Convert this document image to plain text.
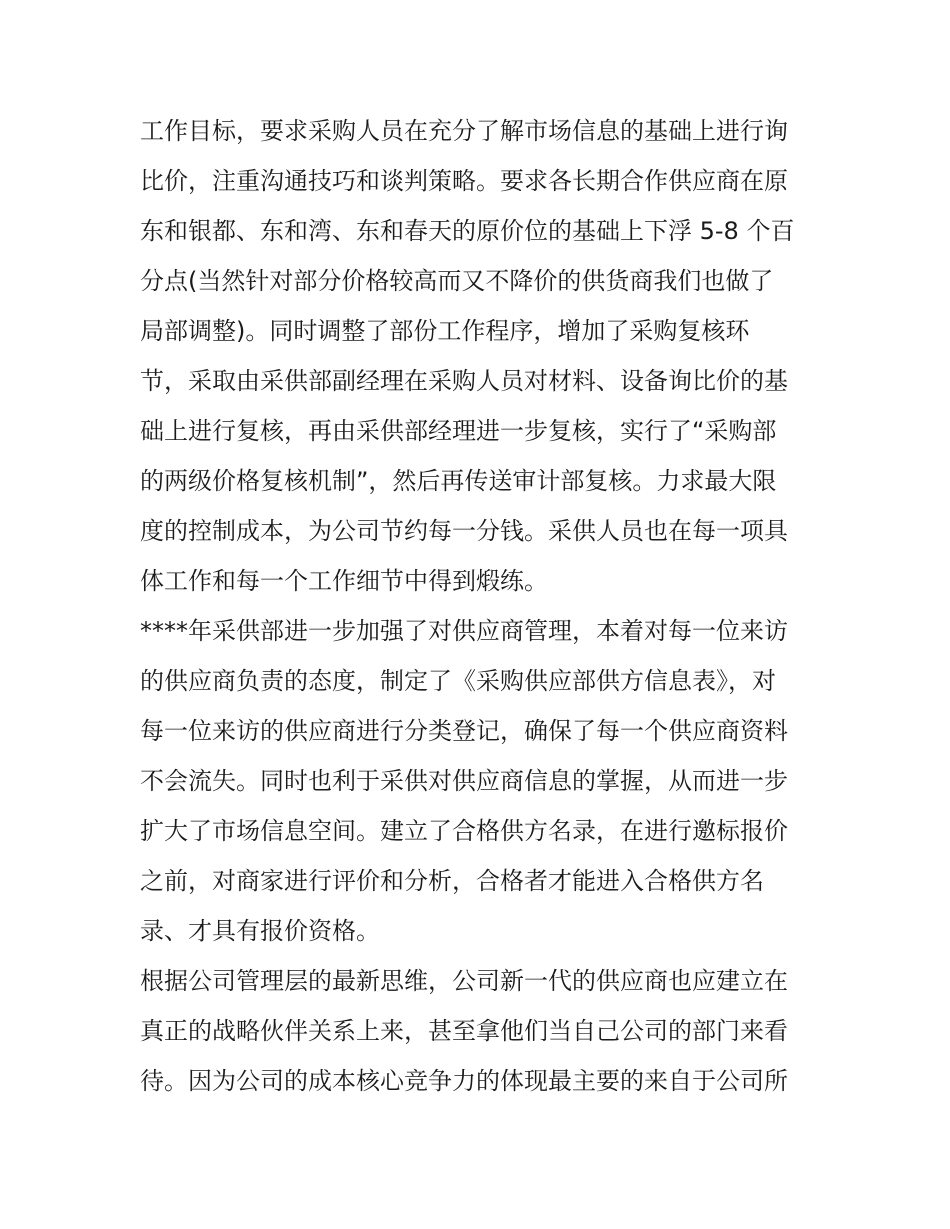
工作目标，要求采购人员在充分了解市场信息的基础上进行询
比价，注重沟通技巧和谈判策略。要求各长期合作供应商在原
东和银都、东和湾、东和春天的原价位的基础上下浮 5-8 个百
分点(当然针对部分价格较高而又不降价的供货商我们也做了
局部调整)。同时调整了部份工作程序，增加了采购复核环
节，采取由采供部副经理在采购人员对材料、设备询比价的基
础上进行复核，再由采供部经理进一步复核，实行了“采购部
的两级价格复核机制”，然后再传送审计部复核。力求最大限
度的控制成本，为公司节约每一分钱。采供人员也在每一项具
体工作和每一个工作细节中得到煅练。
****年采供部进一步加强了对供应商管理，本着对每一位来访
的供应商负责的态度，制定了《采购供应部供方信息表》，对
每一位来访的供应商进行分类登记，确保了每一个供应商资料
不会流失。同时也利于采供对供应商信息的掌握，从而进一步
扩大了市场信息空间。建立了合格供方名录，在进行邀标报价
之前，对商家进行评价和分析，合格者才能进入合格供方名
录、才具有报价资格。
根据公司管理层的最新思维，公司新一代的供应商也应建立在
真正的战略伙伴关系上来，甚至拿他们当自己公司的部门来看
待。因为公司的成本核心竞争力的体现最主要的来自于公司所
